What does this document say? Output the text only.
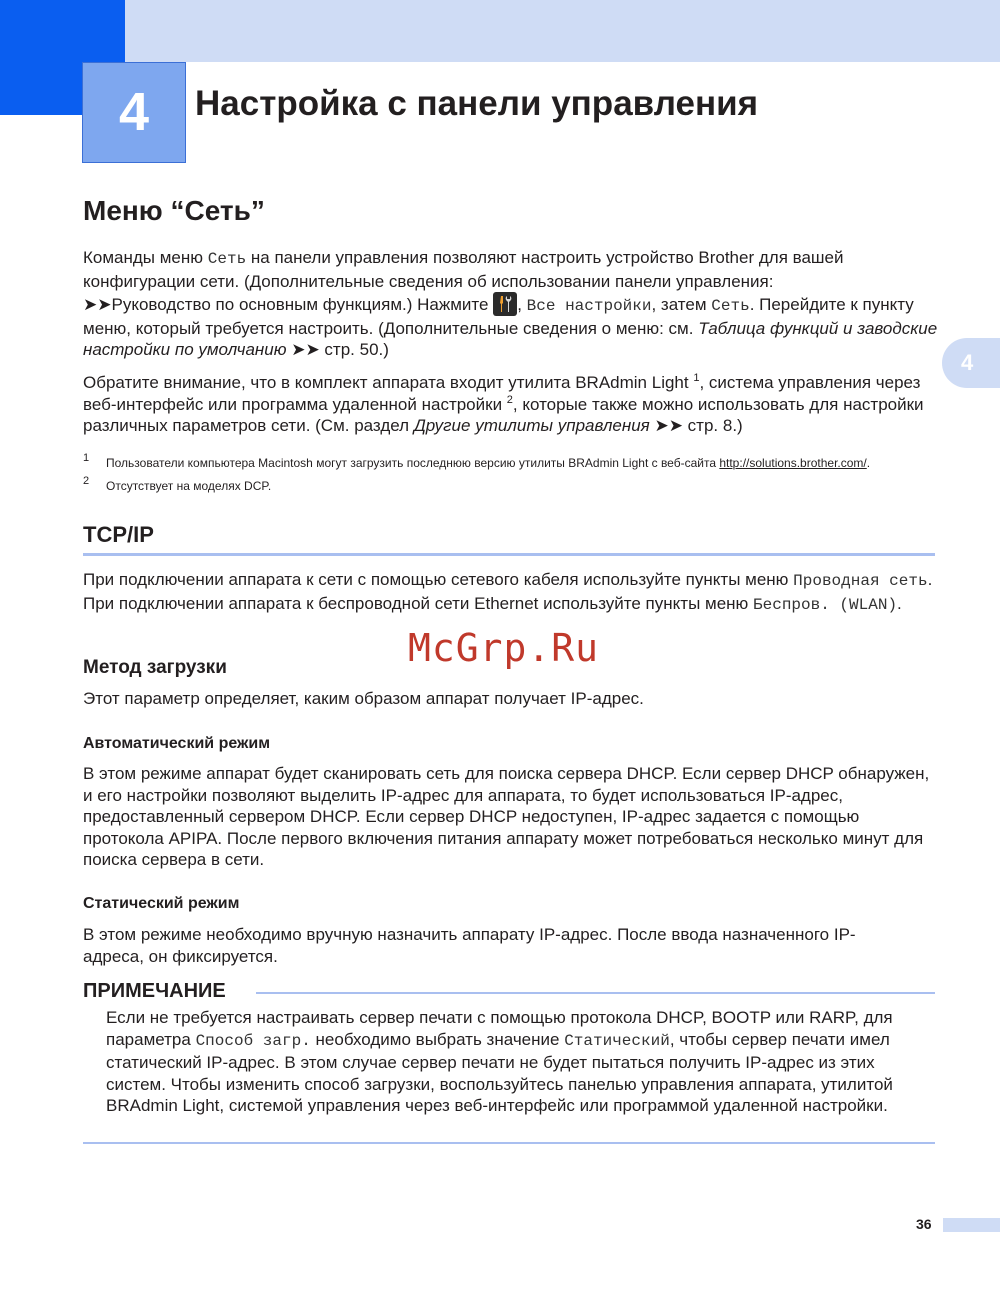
4	Настройка с панели управления
4
Меню “Сеть”

Команды меню Сеть на панели управления позволяют настроить устройство Brother для вашей конфигурации сети. (Дополнительные сведения об использовании панели управления:
➤➤Руководство по основным функциям.) Нажмите
, Все настройки, затем Сеть. Перейдите к пункту меню, который требуется настроить. (Дополнительные сведения о меню: см. Таблица функций и заводские настройки по умолчанию ➤➤ стр. 50.)

Обратите внимание, что в комплект аппарата входит утилита BRAdmin Light $^1$, система управления через веб-интерфейс или программа удаленной настройки $^2$, которые также можно использовать для настройки различных параметров сети. (См. раздел Другие утилиты управления ➤➤ стр. 8.)

1 Пользователи компьютера Macintosh могут загрузить последнюю версию утилиты BRAdmin Light с веб-сайта http://solutions.brother.com/.
2 Отсутствует на моделях DCP.
TCP/IP

При подключении аппарата к сети с помощью сетевого кабеля используйте пункты меню Проводная сеть. При подключении аппарата к беспроводной сети Ethernet используйте пункты меню Беспров. (WLAN).

McGrp.Ru
Метод загрузки

Этот параметр определяет, каким образом аппарат получает IP-адрес.

Автоматический режим

В этом режиме аппарат будет сканировать сеть для поиска сервера DHCP. Если сервер DHCP обнаружен, и его настройки позволяют выделить IP-адрес для аппарата, то будет использоваться IP-адрес, предоставленный сервером DHCP. Если сервер DHCP недоступен, IP-адрес задается с помощью протокола APIPA. После первого включения питания аппарату может потребоваться несколько минут для поиска сервера в сети.

Статический режим

В этом режиме необходимо вручную назначить аппарату IP-адрес. После ввода назначенного IP-адреса, он фиксируется.

ПРИМЕЧАНИЕ

Если не требуется настраивать сервер печати с помощью протокола DHCP, BOOTP или RARP, для параметра Способ загр. необходимо выбрать значение Статический, чтобы сервер печати имел статический IP-адрес. В этом случае сервер печати не будет пытаться получить IP-адрес из этих систем. Чтобы изменить способ загрузки, воспользуйтесь панелью управления аппарата, утилитой BRAdmin Light, системой управления через веб-интерфейс или программой удаленной настройки.

36
